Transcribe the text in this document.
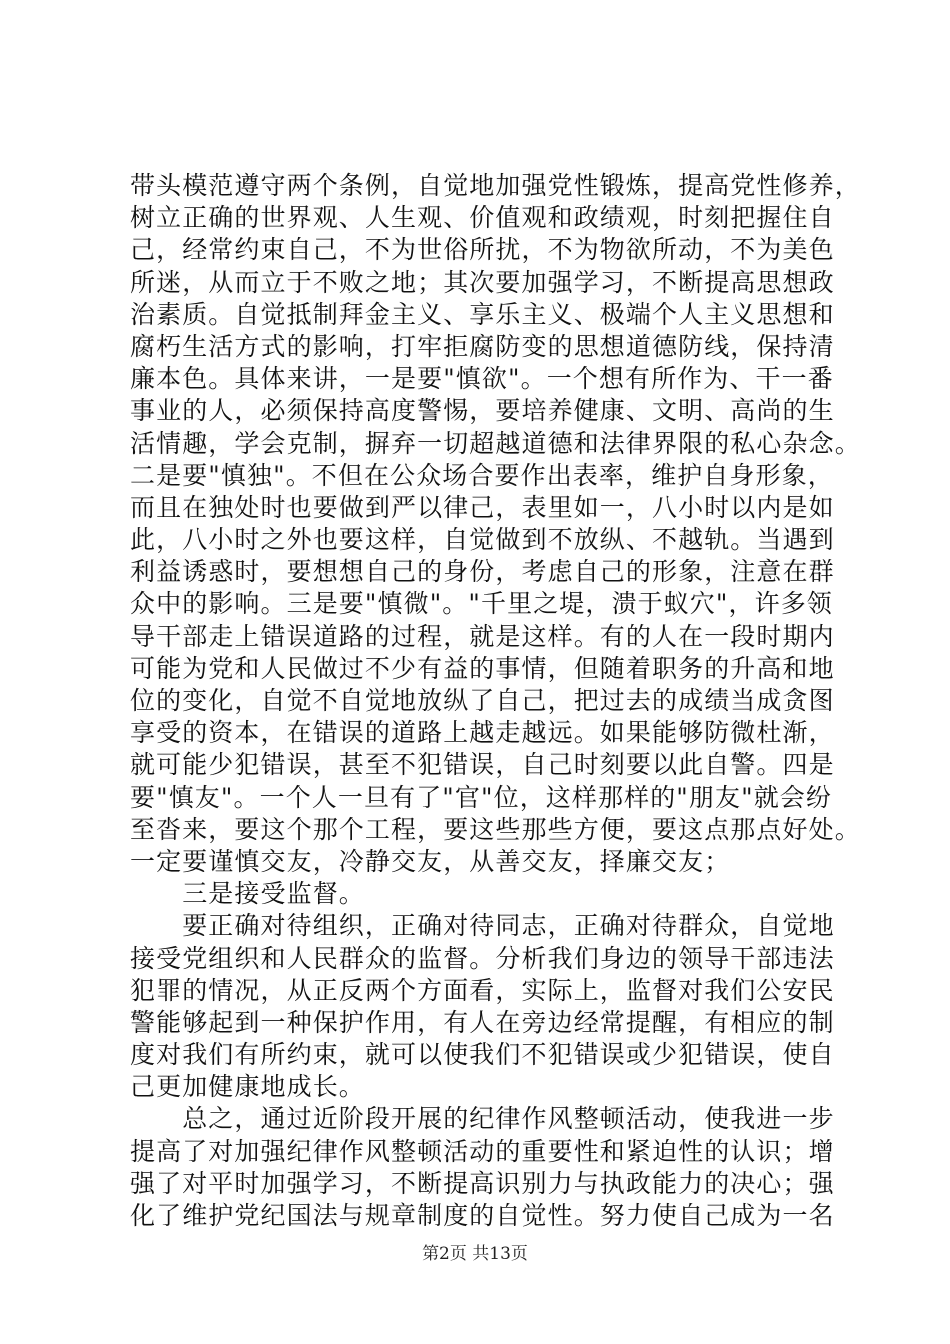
带头模范遵守两个条例，自觉地加强党性锻炼，提高党性修养，
树立正确的世界观、人生观、价值观和政绩观，时刻把握住自
己，经常约束自己，不为世俗所扰，不为物欲所动，不为美色
所迷，从而立于不败之地；其次要加强学习，不断提高思想政
治素质。自觉抵制拜金主义、享乐主义、极端个人主义思想和
腐朽生活方式的影响，打牢拒腐防变的思想道德防线，保持清
廉本色。具体来讲，一是要"慎欲"。一个想有所作为、干一番
事业的人，必须保持高度警惕，要培养健康、文明、高尚的生
活情趣，学会克制，摒弃一切超越道德和法律界限的私心杂念。
二是要"慎独"。不但在公众场合要作出表率，维护自身形象，
而且在独处时也要做到严以律己，表里如一，八小时以内是如
此，八小时之外也要这样，自觉做到不放纵、不越轨。当遇到
利益诱惑时，要想想自己的身份，考虑自己的形象，注意在群
众中的影响。三是要"慎微"。"千里之堤，溃于蚁穴"，许多领
导干部走上错误道路的过程，就是这样。有的人在一段时期内
可能为党和人民做过不少有益的事情，但随着职务的升高和地
位的变化，自觉不自觉地放纵了自己，把过去的成绩当成贪图
享受的资本，在错误的道路上越走越远。如果能够防微杜渐，
就可能少犯错误，甚至不犯错误，自己时刻要以此自警。四是
要"慎友"。一个人一旦有了"官"位，这样那样的"朋友"就会纷
至沓来，要这个那个工程，要这些那些方便，要这点那点好处。
一定要谨慎交友，冷静交友，从善交友，择廉交友；
　　三是接受监督。
　　要正确对待组织，正确对待同志，正确对待群众，自觉地
接受党组织和人民群众的监督。分析我们身边的领导干部违法
犯罪的情况，从正反两个方面看，实际上，监督对我们公安民
警能够起到一种保护作用，有人在旁边经常提醒，有相应的制
度对我们有所约束，就可以使我们不犯错误或少犯错误，使自
己更加健康地成长。
　　总之，通过近阶段开展的纪律作风整顿活动，使我进一步
提高了对加强纪律作风整顿活动的重要性和紧迫性的认识；增
强了对平时加强学习，不断提高识别力与执政能力的决心；强
化了维护党纪国法与规章制度的自觉性。努力使自己成为一名
第2页 共13页
